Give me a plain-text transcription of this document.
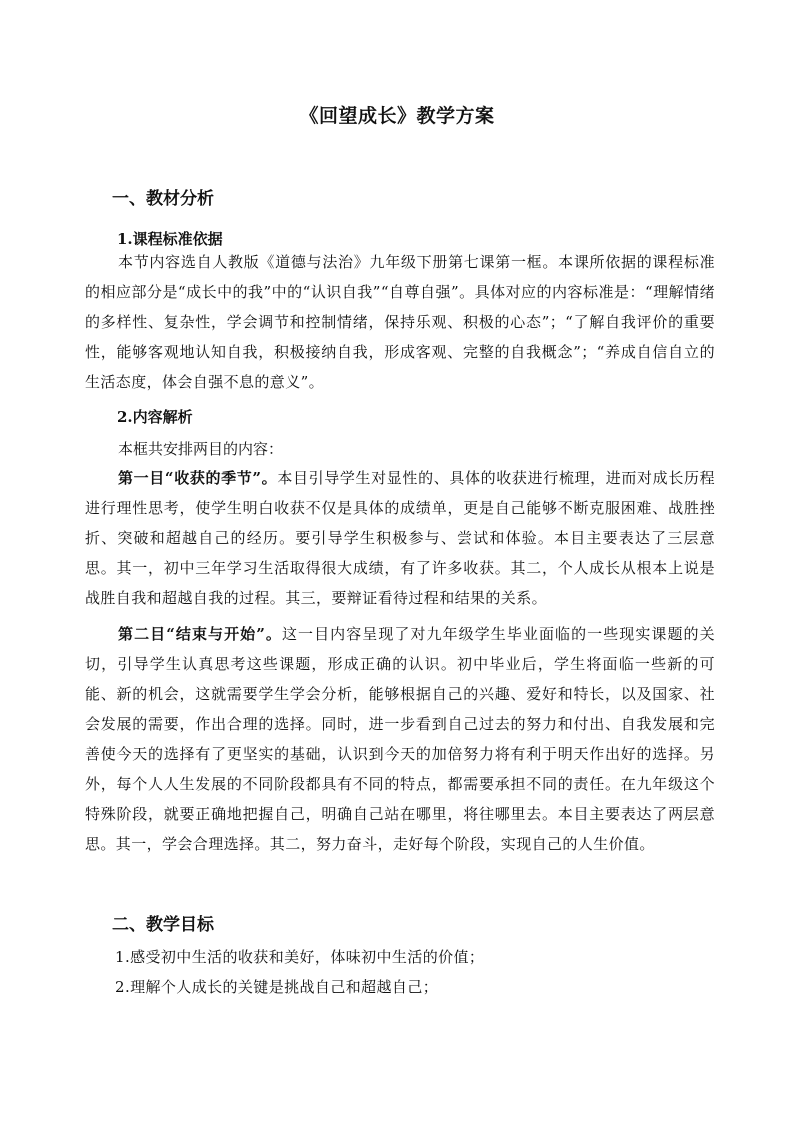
《回望成长》教学方案
一、教材分析
1.课程标准依据
本节内容选自人教版《道德与法治》九年级下册第七课第一框。本课所依据的课程标准的相应部分是“成长中的我”中的“认识自我”“自尊自强”。具体对应的内容标准是：“理解情绪的多样性、复杂性，学会调节和控制情绪，保持乐观、积极的心态”；“了解自我评价的重要性，能够客观地认知自我，积极接纳自我，形成客观、完整的自我概念”；“养成自信自立的生活态度，体会自强不息的意义”。
2.内容解析
本框共安排两目的内容：
第一目“收获的季节”。本目引导学生对显性的、具体的收获进行梳理，进而对成长历程进行理性思考，使学生明白收获不仅是具体的成绩单，更是自己能够不断克服困难、战胜挫折、突破和超越自己的经历。要引导学生积极参与、尝试和体验。本目主要表达了三层意思。其一，初中三年学习生活取得很大成绩，有了许多收获。其二，个人成长从根本上说是战胜自我和超越自我的过程。其三，要辩证看待过程和结果的关系。
第二目“结束与开始”。这一目内容呈现了对九年级学生毕业面临的一些现实课题的关切，引导学生认真思考这些课题，形成正确的认识。初中毕业后，学生将面临一些新的可能、新的机会，这就需要学生学会分析，能够根据自己的兴趣、爱好和特长，以及国家、社会发展的需要，作出合理的选择。同时，进一步看到自己过去的努力和付出、自我发展和完善使今天的选择有了更坚实的基础，认识到今天的加倍努力将有利于明天作出好的选择。另外，每个人人生发展的不同阶段都具有不同的特点，都需要承担不同的责任。在九年级这个特殊阶段，就要正确地把握自己，明确自己站在哪里，将往哪里去。本目主要表达了两层意思。其一，学会合理选择。其二，努力奋斗，走好每个阶段，实现自己的人生价值。
二、教学目标
1.感受初中生活的收获和美好，体味初中生活的价值；
2.理解个人成长的关键是挑战自己和超越自己；
